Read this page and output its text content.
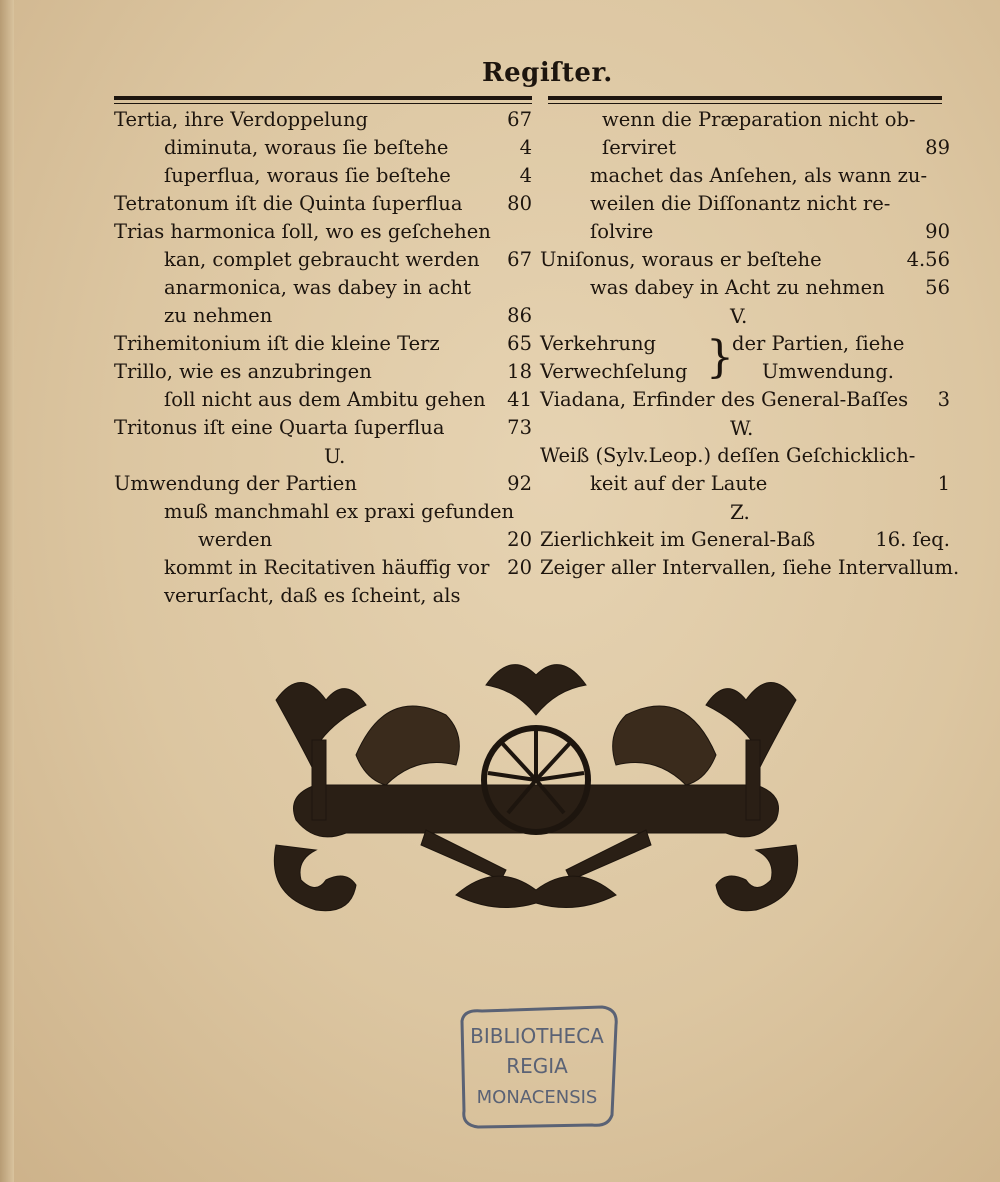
Regiſter.
Tertia, ihre Verdoppelung	67
diminuta, woraus ſie beſtehe	4
ſuperflua, woraus ſie beſtehe	4
Tetratonum iſt die Quinta ſuperflua 80
Trias harmonica ſoll, wo es geſchehen
kan, complet gebraucht werden 67
anarmonica, was dabey in acht
zu nehmen	86
Trihemitonium iſt die kleine Terz	65
Trillo, wie es anzubringen	18
ſoll nicht aus dem Ambitu gehen 41
Tritonus iſt eine Quarta ſuperflua	73
U.
Umwendung der Partien	92
muß manchmahl ex praxi gefunden
werden	20
kommt in Recitativen häuffig vor 20
verurſacht, daß es ſcheint, als
wenn die Præparation nicht ob-
ſerviret	89
machet das Anſehen, als wann zu-
weilen die Diſſonantz nicht re-
ſolvire	90
Uniſonus, woraus er beſtehe	4.56
was dabey in Acht zu nehmen 56
V.
Verkehrung
Verwechſelung }
der Partien, ſiehe
Umwendung.
Viadana, Erfinder des General-Baſſes 3
W.
Weiß (Sylv.Leop.) deſſen Geſchicklich-
keit auf der Laute	1
Z.
Zierlichkeit im General-Baß	16. ſeq.
Zeiger aller Intervallen, ſiehe Intervallum.
BIBLIOTHECA
REGIA
MONACENSIS
